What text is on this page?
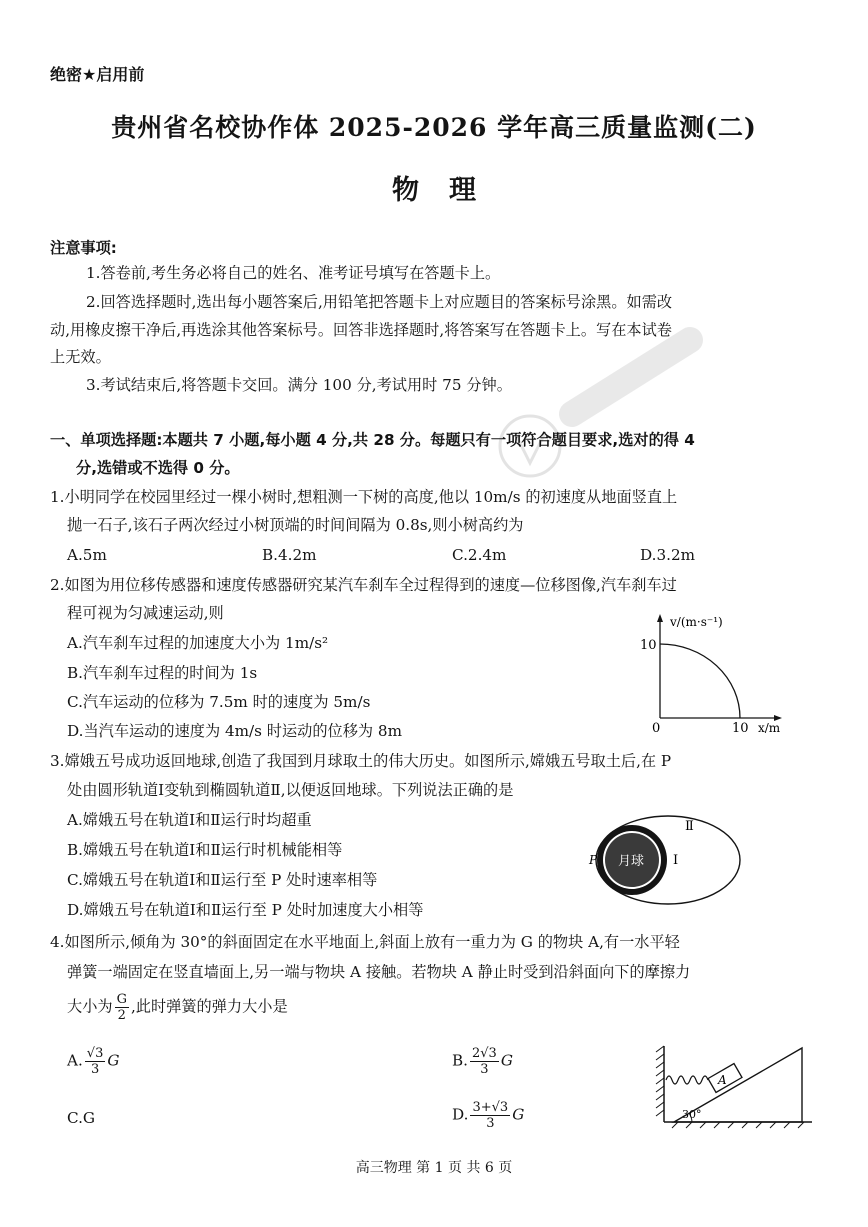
绝密★启用前
贵州省名校协作体 2025-2026 学年高三质量监测(二)
物理
注意事项:
1.答卷前,考生务必将自己的姓名、准考证号填写在答题卡上。
2.回答选择题时,选出每小题答案后,用铅笔把答题卡上对应题目的答案标号涂黑。如需改
动,用橡皮擦干净后,再选涂其他答案标号。回答非选择题时,将答案写在答题卡上。写在本试卷
上无效。
3.考试结束后,将答题卡交回。满分 100 分,考试用时 75 分钟。
一、单项选择题:本题共 7 小题,每小题 4 分,共 28 分。每题只有一项符合题目要求,选对的得 4
分,选错或不选得 0 分。
1.小明同学在校园里经过一棵小树时,想粗测一下树的高度,他以 10m/s 的初速度从地面竖直上
抛一石子,该石子两次经过小树顶端的时间间隔为 0.8s,则小树高约为
A.5m	B.4.2m	C.2.4m	D.3.2m
2.如图为用位移传感器和速度传感器研究某汽车刹车全过程得到的速度—位移图像,汽车刹车过
程可视为匀减速运动,则
A.汽车刹车过程的加速度大小为 1m/s²
B.汽车刹车过程的时间为 1s
C.汽车运动的位移为 7.5m 时的速度为 5m/s
D.当汽车运动的速度为 4m/s 时运动的位移为 8m
v/(m·s⁻¹)
10
0	10 x/m
3.嫦娥五号成功返回地球,创造了我国到月球取土的伟大历史。如图所示,嫦娥五号取土后,在 P
处由圆形轨道Ⅰ变轨到椭圆轨道Ⅱ,以便返回地球。下列说法正确的是
A.嫦娥五号在轨道Ⅰ和Ⅱ运行时均超重
B.嫦娥五号在轨道Ⅰ和Ⅱ运行时机械能相等
C.嫦娥五号在轨道Ⅰ和Ⅱ运行至 P 处时速率相等
D.嫦娥五号在轨道Ⅰ和Ⅱ运行至 P 处时加速度大小相等
月球
P	Ⅰ
Ⅱ
4.如图所示,倾角为 30°的斜面固定在水平地面上,斜面上放有一重力为 G 的物块 A,有一水平轻
弹簧一端固定在竖直墙面上,另一端与物块 A 接触。若物块 A 静止时受到沿斜面向下的摩擦力
大小为 $\frac{G}{2}$ ,此时弹簧的弹力大小是
A. $\frac{√3}{3}$ G	B. $\frac{2√3}{3}$ G
C.G	D. $\frac{3+√3}{3}$ G
A
30°
高三物理 第 1 页 共 6 页
